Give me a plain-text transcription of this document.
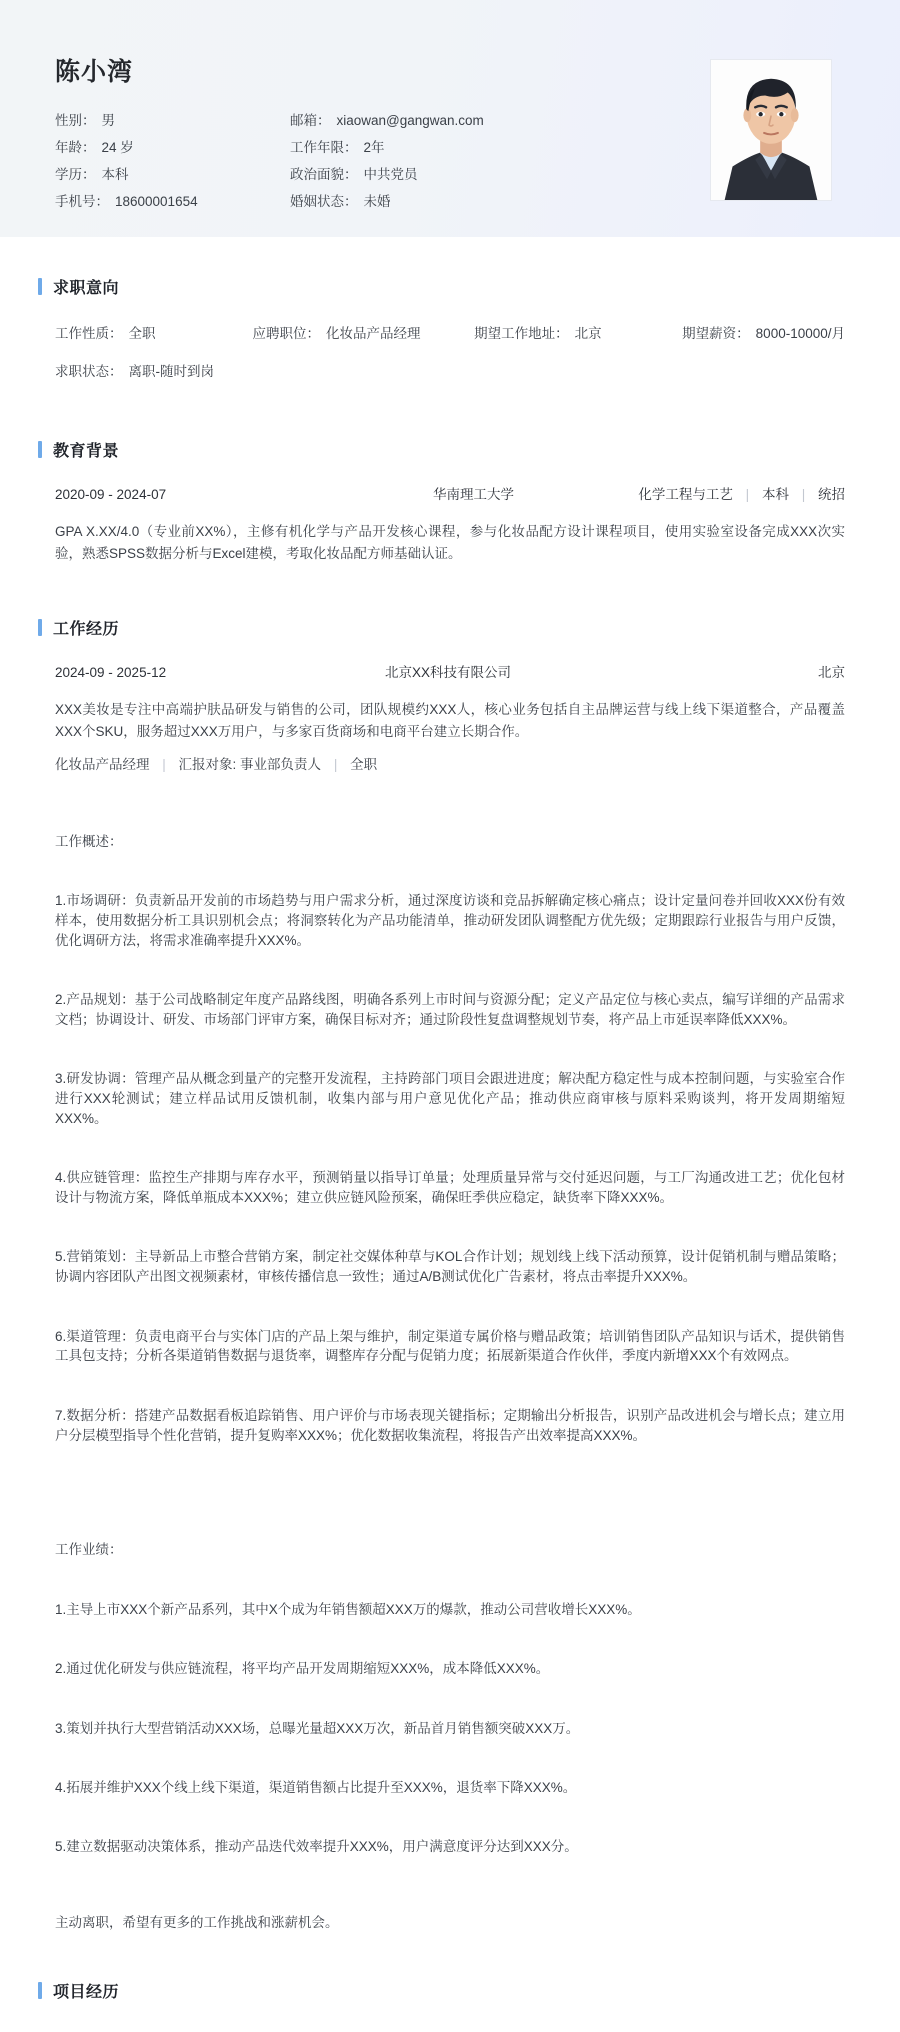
陈小湾
性别： 男	邮箱： xiaowan@gangwan.com
年龄： 24 岁	工作年限： 2年
学历： 本科	政治面貌： 中共党员
手机号： 18600001654	婚姻状态： 未婚
求职意向
工作性质： 全职	应聘职位： 化妆品产品经理	期望工作地址： 北京	期望薪资： 8000-10000/月
求职状态： 离职-随时到岗
教育背景
2020-09 - 2024-07	华南理工大学	化学工程与工艺 | 本科 | 统招
GPA X.XX/4.0（专业前XX%），主修有机化学与产品开发核心课程，参与化妆品配方设计课程项目，使用实验室设备完成XXX次实验，熟悉SPSS数据分析与Excel建模，考取化妆品配方师基础认证。
工作经历
2024-09 - 2025-12	北京XX科技有限公司	北京
XXX美妆是专注中高端护肤品研发与销售的公司，团队规模约XXX人，核心业务包括自主品牌运营与线上线下渠道整合，产品覆盖XXX个SKU，服务超过XXX万用户，与多家百货商场和电商平台建立长期合作。
化妆品产品经理 | 汇报对象: 事业部负责人 | 全职

工作概述：

1.市场调研：负责新品开发前的市场趋势与用户需求分析，通过深度访谈和竞品拆解确定核心痛点；设计定量问卷并回收XXX份有效样本，使用数据分析工具识别机会点；将洞察转化为产品功能清单，推动研发团队调整配方优先级；定期跟踪行业报告与用户反馈，优化调研方法，将需求准确率提升XXX%。

2.产品规划：基于公司战略制定年度产品路线图，明确各系列上市时间与资源分配；定义产品定位与核心卖点，编写详细的产品需求文档；协调设计、研发、市场部门评审方案，确保目标对齐；通过阶段性复盘调整规划节奏，将产品上市延误率降低XXX%。

3.研发协调：管理产品从概念到量产的完整开发流程，主持跨部门项目会跟进进度；解决配方稳定性与成本控制问题，与实验室合作进行XXX轮测试；建立样品试用反馈机制，收集内部与用户意见优化产品；推动供应商审核与原料采购谈判，将开发周期缩短XXX%。

4.供应链管理：监控生产排期与库存水平，预测销量以指导订单量；处理质量异常与交付延迟问题，与工厂沟通改进工艺；优化包材设计与物流方案，降低单瓶成本XXX%；建立供应链风险预案，确保旺季供应稳定，缺货率下降XXX%。

5.营销策划：主导新品上市整合营销方案，制定社交媒体种草与KOL合作计划；规划线上线下活动预算，设计促销机制与赠品策略；协调内容团队产出图文视频素材，审核传播信息一致性；通过A/B测试优化广告素材，将点击率提升XXX%。

6.渠道管理：负责电商平台与实体门店的产品上架与维护，制定渠道专属价格与赠品政策；培训销售团队产品知识与话术，提供销售工具包支持；分析各渠道销售数据与退货率，调整库存分配与促销力度；拓展新渠道合作伙伴，季度内新增XXX个有效网点。

7.数据分析：搭建产品数据看板追踪销售、用户评价与市场表现关键指标；定期输出分析报告，识别产品改进机会与增长点；建立用户分层模型指导个性化营销，提升复购率XXX%；优化数据收集流程，将报告产出效率提高XXX%。

工作业绩：

1.主导上市XXX个新产品系列，其中X个成为年销售额超XXX万的爆款，推动公司营收增长XXX%。

2.通过优化研发与供应链流程，将平均产品开发周期缩短XXX%，成本降低XXX%。

3.策划并执行大型营销活动XXX场，总曝光量超XXX万次，新品首月销售额突破XXX万。

4.拓展并维护XXX个线上线下渠道，渠道销售额占比提升至XXX%，退货率下降XXX%。

5.建立数据驱动决策体系，推动产品迭代效率提升XXX%，用户满意度评分达到XXX分。

主动离职，希望有更多的工作挑战和涨薪机会。
项目经历
